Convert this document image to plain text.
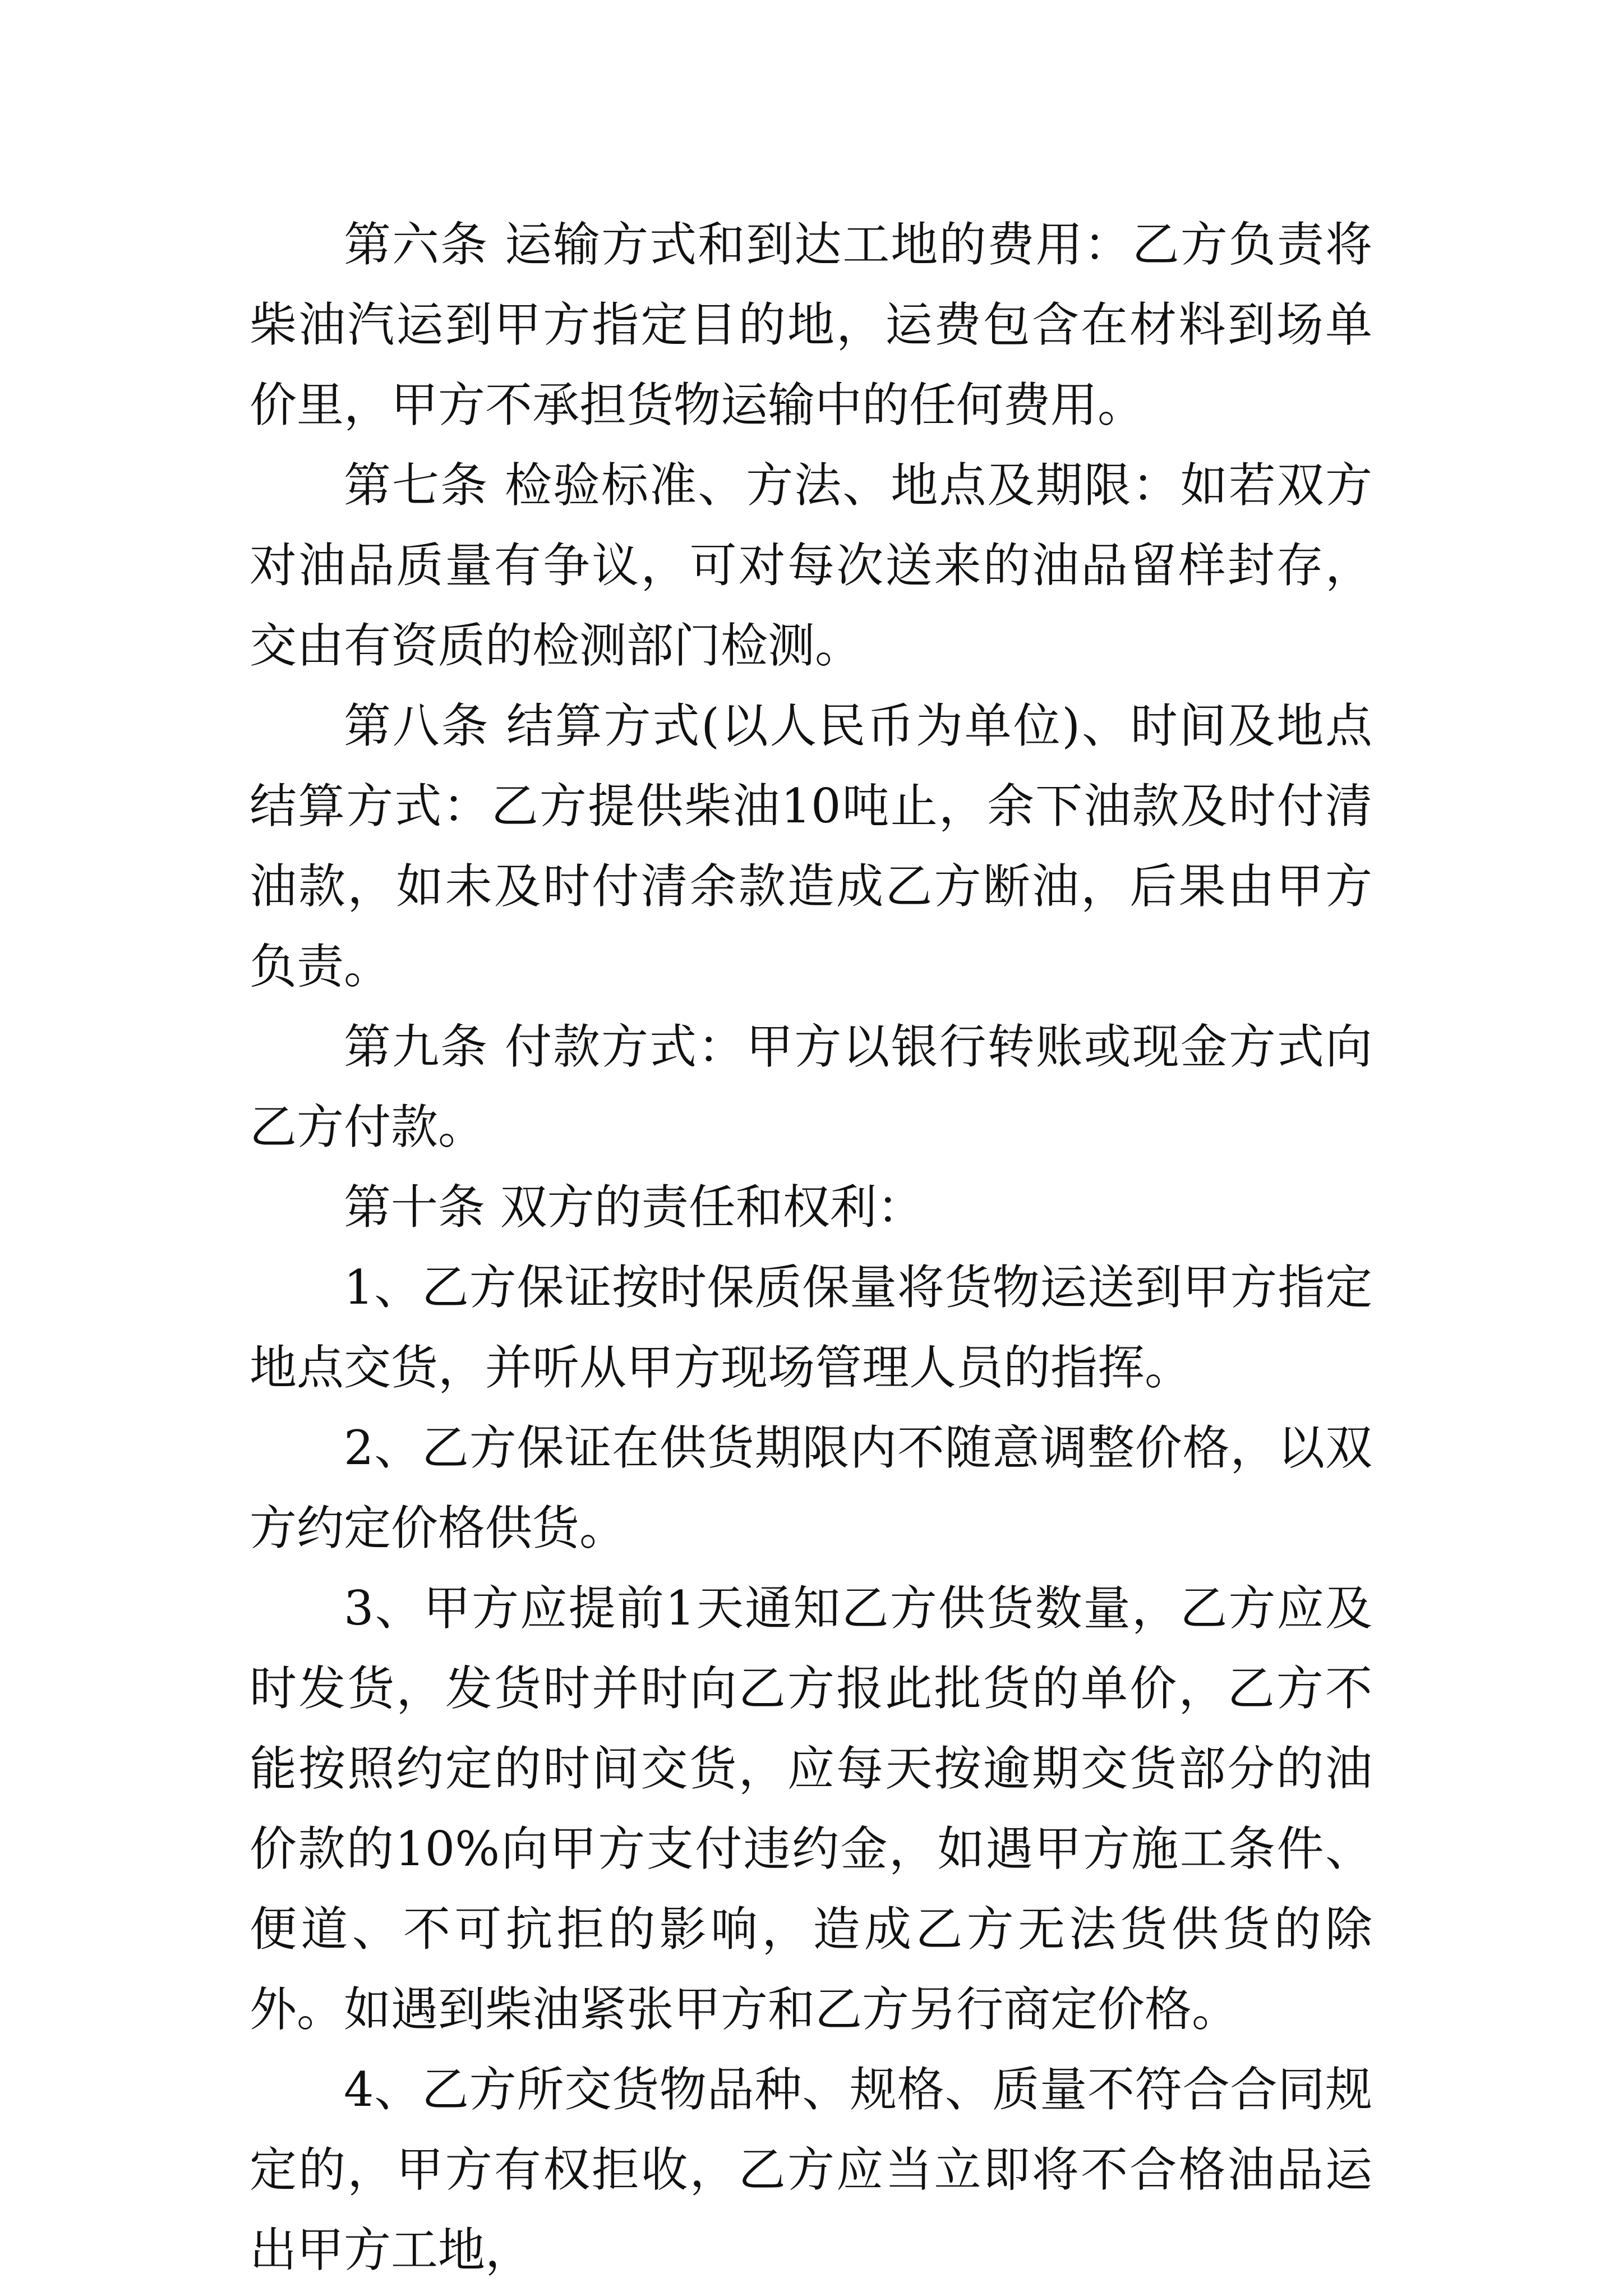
第六条 运输方式和到达工地的费用：乙方负责将柴油汽运到甲方指定目的地，运费包含在材料到场单价里，甲方不承担货物运输中的任何费用。

第七条 检验标准、方法、地点及期限：如若双方对油品质量有争议，可对每次送来的油品留样封存，交由有资质的检测部门检测。

第八条 结算方式(以人民币为单位)、时间及地点结算方式：乙方提供柴油10吨止，余下油款及时付清油款，如未及时付清余款造成乙方断油，后果由甲方负责。

第九条 付款方式：甲方以银行转账或现金方式向乙方付款。

第十条 双方的责任和权利：

1、乙方保证按时保质保量将货物运送到甲方指定地点交货，并听从甲方现场管理人员的指挥。

2、乙方保证在供货期限内不随意调整价格，以双方约定价格供货。

3、甲方应提前1天通知乙方供货数量，乙方应及时发货，发货时并时向乙方报此批货的单价，乙方不能按照约定的时间交货，应每天按逾期交货部分的油价款的10%向甲方支付违约金，如遇甲方施工条件、便道、不可抗拒的影响，造成乙方无法货供货的除外。如遇到柴油紧张甲方和乙方另行商定价格。

4、乙方所交货物品种、规格、质量不符合合同规定的，甲方有权拒收，乙方应当立即将不合格油品运出甲方工地，
